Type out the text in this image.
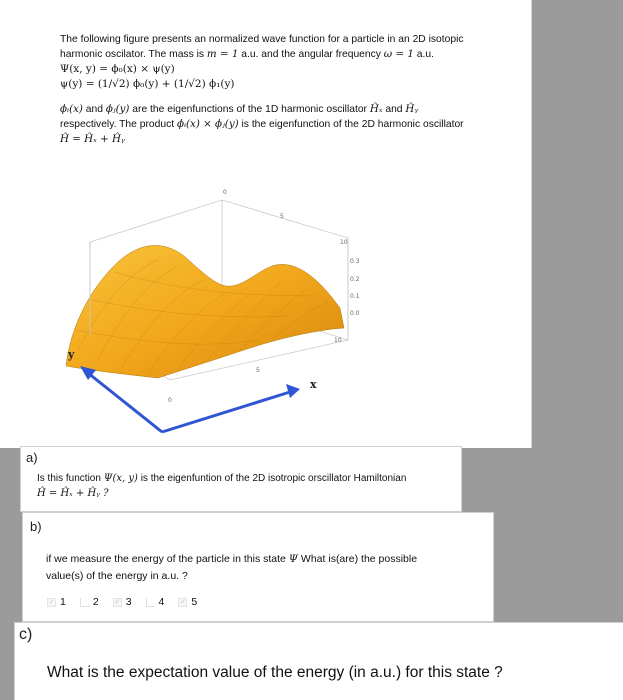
The following figure presents an normalized wave function for a particle in an 2D isotopic

harmonic oscilator. The mass is m = 1 a.u. and the angular frequency ω = 1 a.u.

Ψ(x, y) = ϕ₀(x) × ψ(y)

ψ(y) = (1/√2) ϕ₀(y) + (1/√2) ϕ₁(y)

ϕᵢ(x) and ϕⱼ(y) are the eigenfunctions of the 1D harmonic oscillator Ĥₓ and Ĥᵧ

respectively. The product ϕᵢ(x) × ϕⱼ(y) is the eigenfunction of the 2D harmonic oscillator

Ĥ = Ĥₓ + Ĥᵧ

0.3
0.2
0.1
0.0
0
5
10
10
0
5
y
x
a)
Is this function Ψ(x, y) is the eigenfuntion of the 2D isotropic orscillator Hamiltonian
Ĥ = Ĥₓ + Ĥᵧ ?
b)
if we measure the energy of the particle in this state Ψ What is(are) the possible
value(s) of the energy in a.u. ?
✓ 1	2 ✓ 3	4 ✓ 5
c)
What is the expectation value of the energy (in a.u.) for this state ?
